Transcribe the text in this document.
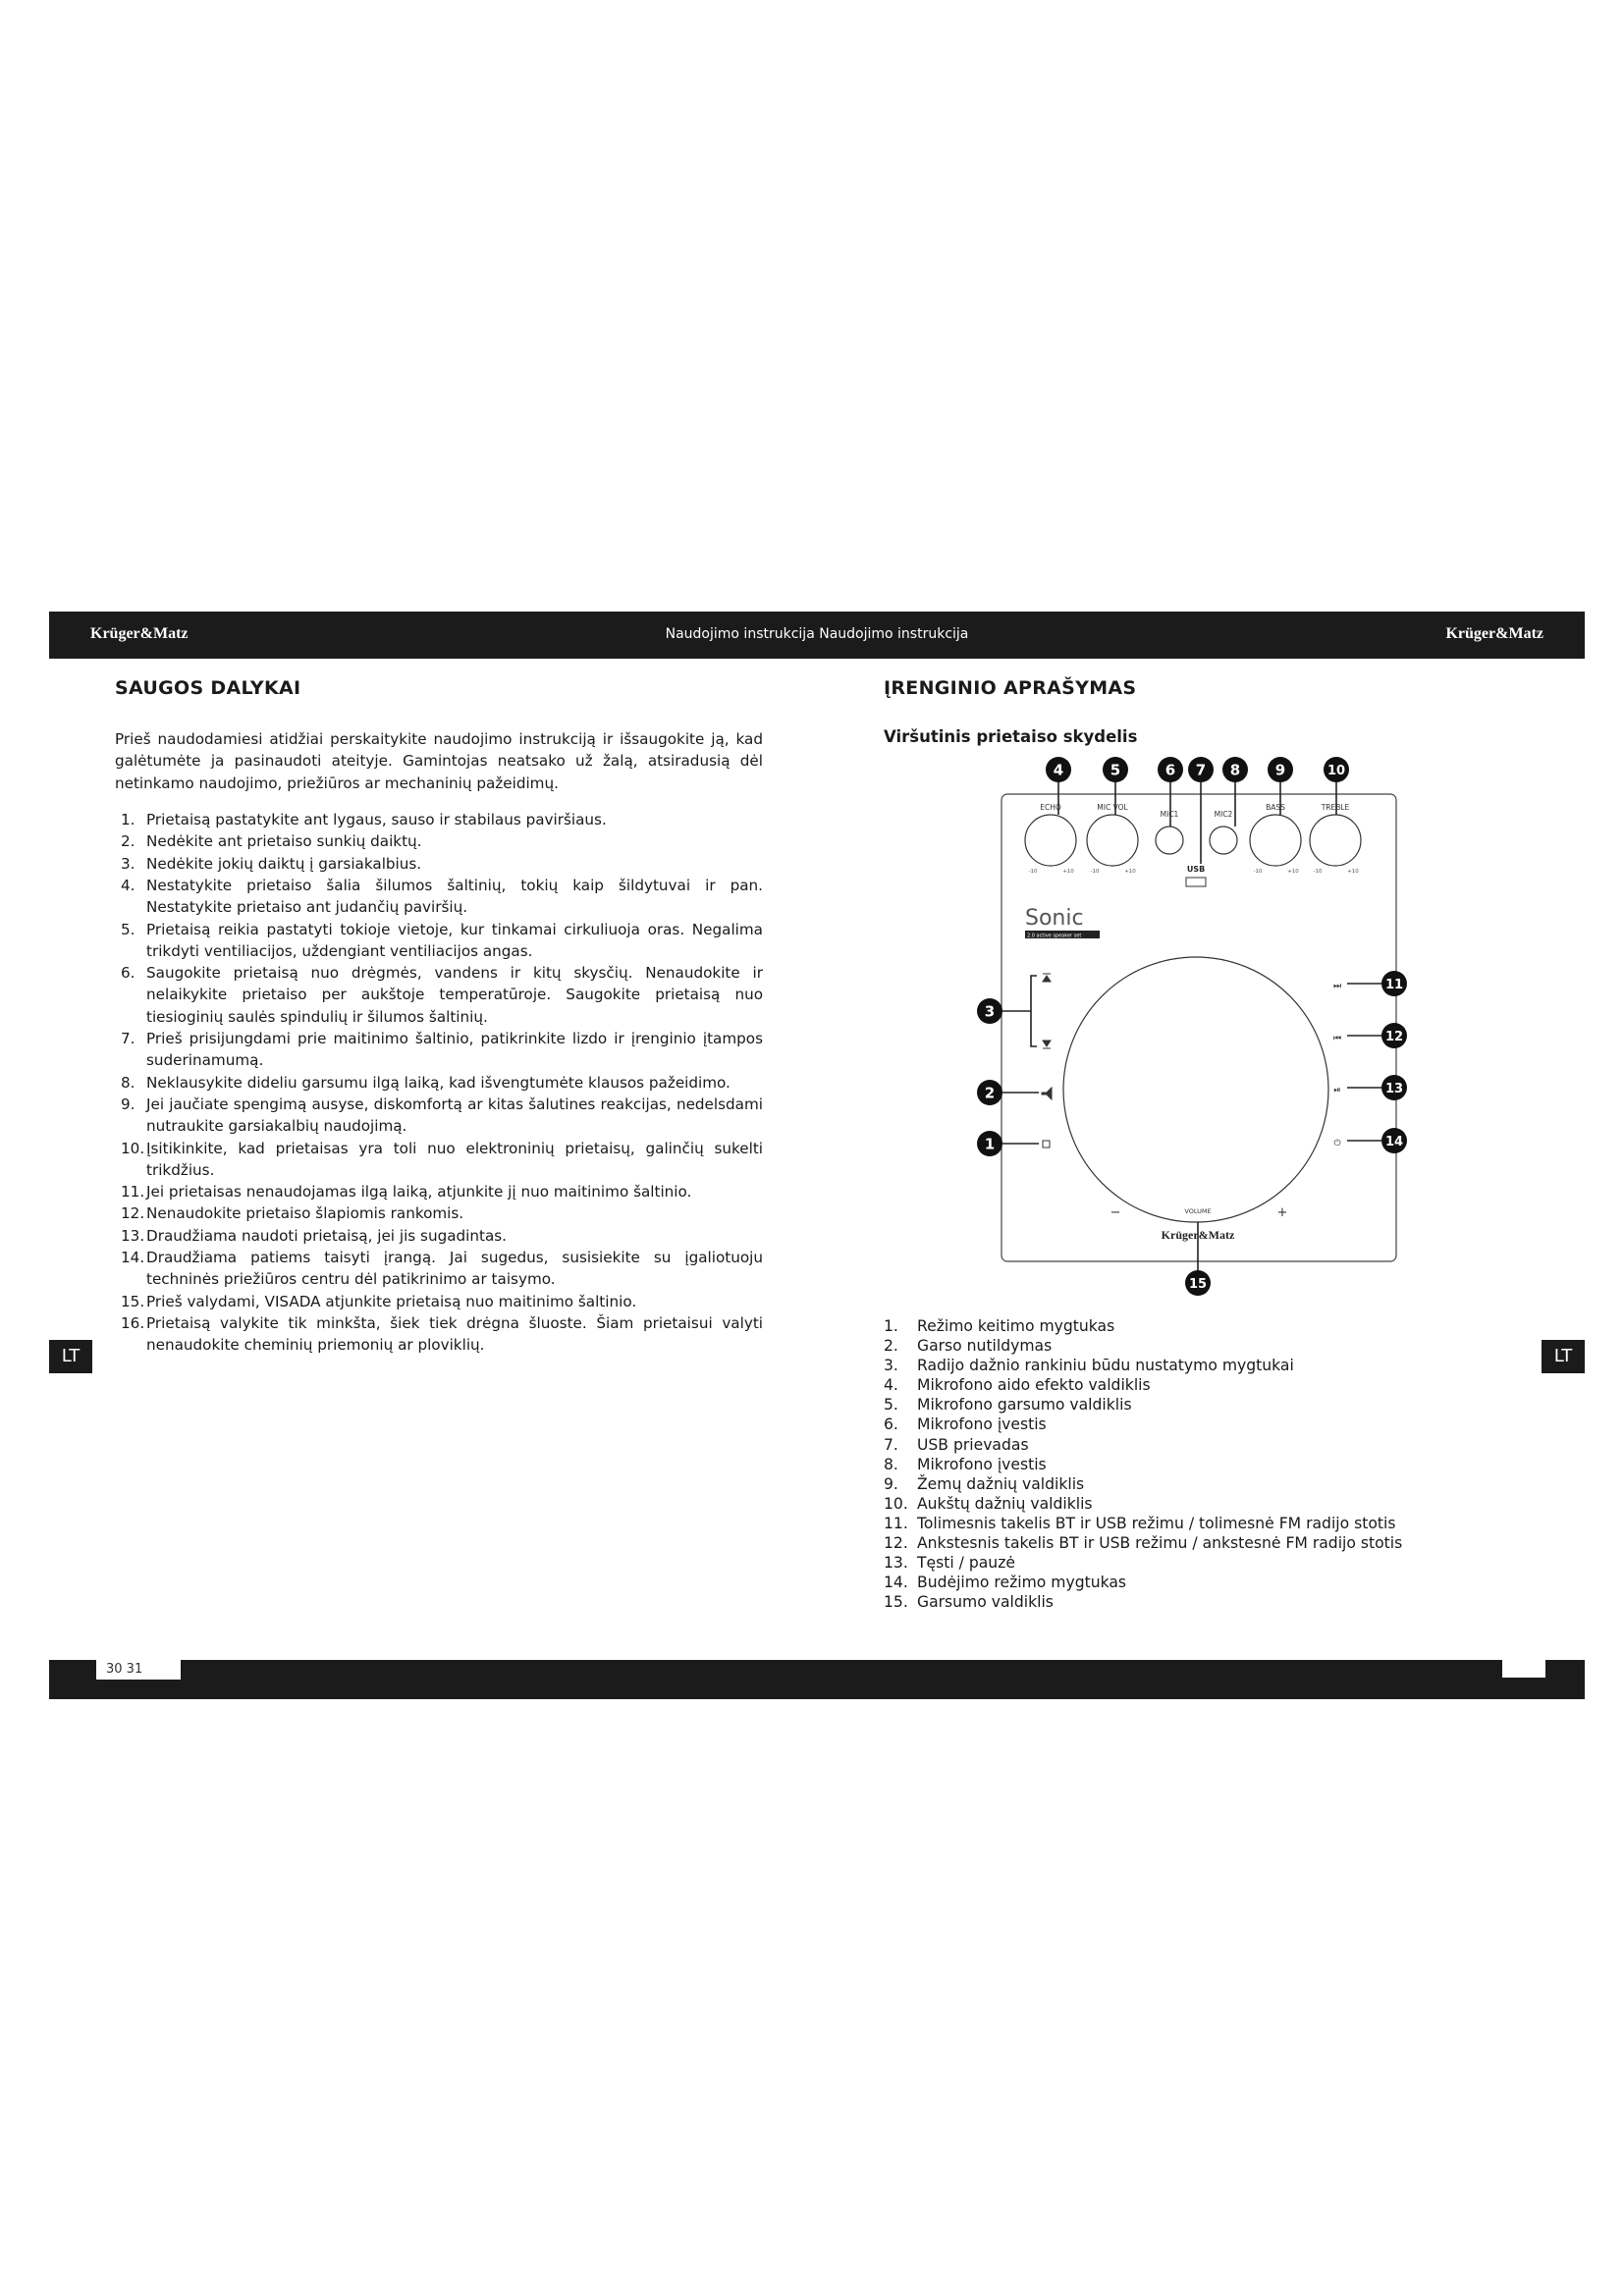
Krüger&Matz	Naudojimo instrukcija Naudojimo instrukcija	Krüger&Matz
LT	LT
30 31
SAUGOS DALYKAI

Prieš naudodamiesi atidžiai perskaitykite naudojimo instrukciją ir išsaugokite ją, kad galėtumėte ja pasinaudoti ateityje. Gamintojas neatsako už žalą, atsiradusią dėl netinkamo naudojimo, priežiūros ar mechaninių pažeidimų.

1. Prietaisą pastatykite ant lygaus, sauso ir stabilaus paviršiaus.
2. Nedėkite ant prietaiso sunkių daiktų.
3. Nedėkite jokių daiktų į garsiakalbius.
4. Nestatykite prietaiso šalia šilumos šaltinių, tokių kaip šildytuvai ir pan. Nestatykite prietaiso ant judančių paviršių.
5. Prietaisą reikia pastatyti tokioje vietoje, kur tinkamai cirkuliuoja oras. Negalima trikdyti ventiliacijos, uždengiant ventiliacijos angas.
6. Saugokite prietaisą nuo drėgmės, vandens ir kitų skysčių. Nenaudokite ir nelaikykite prietaiso per aukštoje temperatūroje. Saugokite prietaisą nuo tiesioginių saulės spindulių ir šilumos šaltinių.
7. Prieš prisijungdami prie maitinimo šaltinio, patikrinkite lizdo ir įrenginio įtampos suderinamumą.
8. Neklausykite dideliu garsumu ilgą laiką, kad išvengtumėte klausos pažeidimo.
9. Jei jaučiate spengimą ausyse, diskomfortą ar kitas šalutines reakcijas, nedelsdami nutraukite garsiakalbių naudojimą.
10. Įsitikinkite, kad prietaisas yra toli nuo elektroninių prietaisų, galinčių sukelti trikdžius.
11. Jei prietaisas nenaudojamas ilgą laiką, atjunkite jį nuo maitinimo šaltinio.
12. Nenaudokite prietaiso šlapiomis rankomis.
13. Draudžiama naudoti prietaisą, jei jis sugadintas.
14. Draudžiama patiems taisyti įrangą. Jai sugedus, susisiekite su įgaliotuoju techninės priežiūros centru dėl patikrinimo ar taisymo.
15. Prieš valydami, VISADA atjunkite prietaisą nuo maitinimo šaltinio.
16. Prietaisą valykite tik minkšta, šiek tiek drėgna šluoste. Šiam prietaisui valyti nenaudokite cheminių priemonių ar ploviklių.
ĮRENGINIO APRAŠYMAS
Viršutinis prietaiso skydelis
ECHO	MIC VOL
MIC1	MIC2
BASS	TREBLE
-10	+10	-10	+10	-10	+10	-10	+10
USB
Sonic
2.0 active speaker set
⏭
⏮
⏯
⏻
−	+
VOLUME
Krüger&Matz
4	5	6 7 8 9	10
3
2
1
11
12
13
14
15
1. Režimo keitimo mygtukas
2. Garso nutildymas
3. Radijo dažnio rankiniu būdu nustatymo mygtukai
4. Mikrofono aido efekto valdiklis
5. Mikrofono garsumo valdiklis
6. Mikrofono įvestis
7. USB prievadas
8. Mikrofono įvestis
9. Žemų dažnių valdiklis
10. Aukštų dažnių valdiklis
11. Tolimesnis takelis BT ir USB režimu / tolimesnė FM radijo stotis
12. Ankstesnis takelis BT ir USB režimu / ankstesnė FM radijo stotis
13. Tęsti / pauzė
14. Budėjimo režimo mygtukas
15. Garsumo valdiklis
